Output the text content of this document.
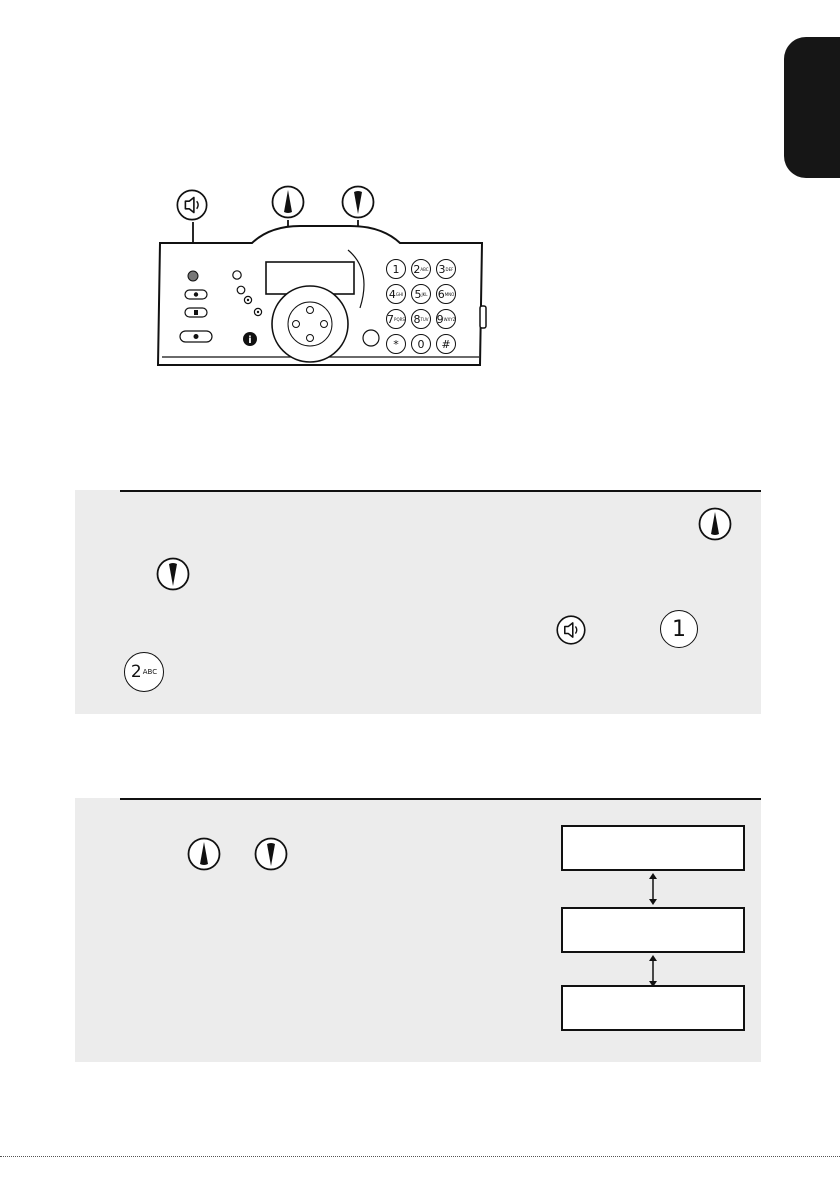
i
1 2 ABC 3 DEF
4 GHI 5 JKL 6 MNO
7 PQRS 8 TUV 9 WXYZ
* 0 #
1
2 ABC
